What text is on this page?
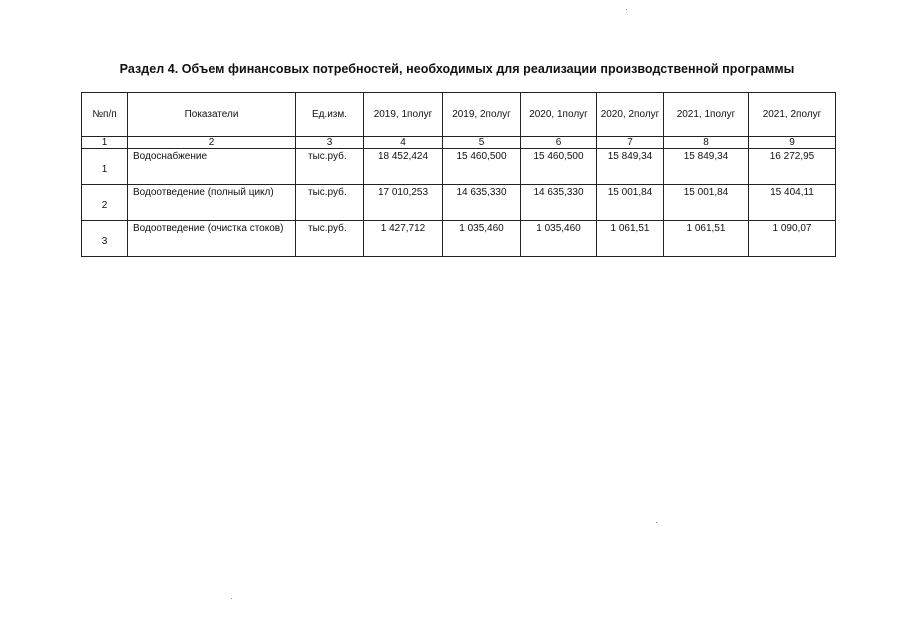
Раздел 4. Объем финансовых потребностей, необходимых для реализации производственной программы
№п/п	Показатели	Ед.изм.	2019, 1полуг	2019, 2полуг	2020, 1полуг	2020, 2полуг	2021, 1полуг	2021, 2полуг
1	2	3	4	5	6	7	8	9
1	Водоснабжение	тыс.руб.	18 452,424	15 460,500	15 460,500	15 849,34	15 849,34	16 272,95
2	Водоотведение (полный цикл)	тыс.руб.	17 010,253	14 635,330	14 635,330	15 001,84	15 001,84	15 404,11
3	Водоотведение (очистка стоков)	тыс.руб.	1 427,712	1 035,460	1 035,460	1 061,51	1 061,51	1 090,07
